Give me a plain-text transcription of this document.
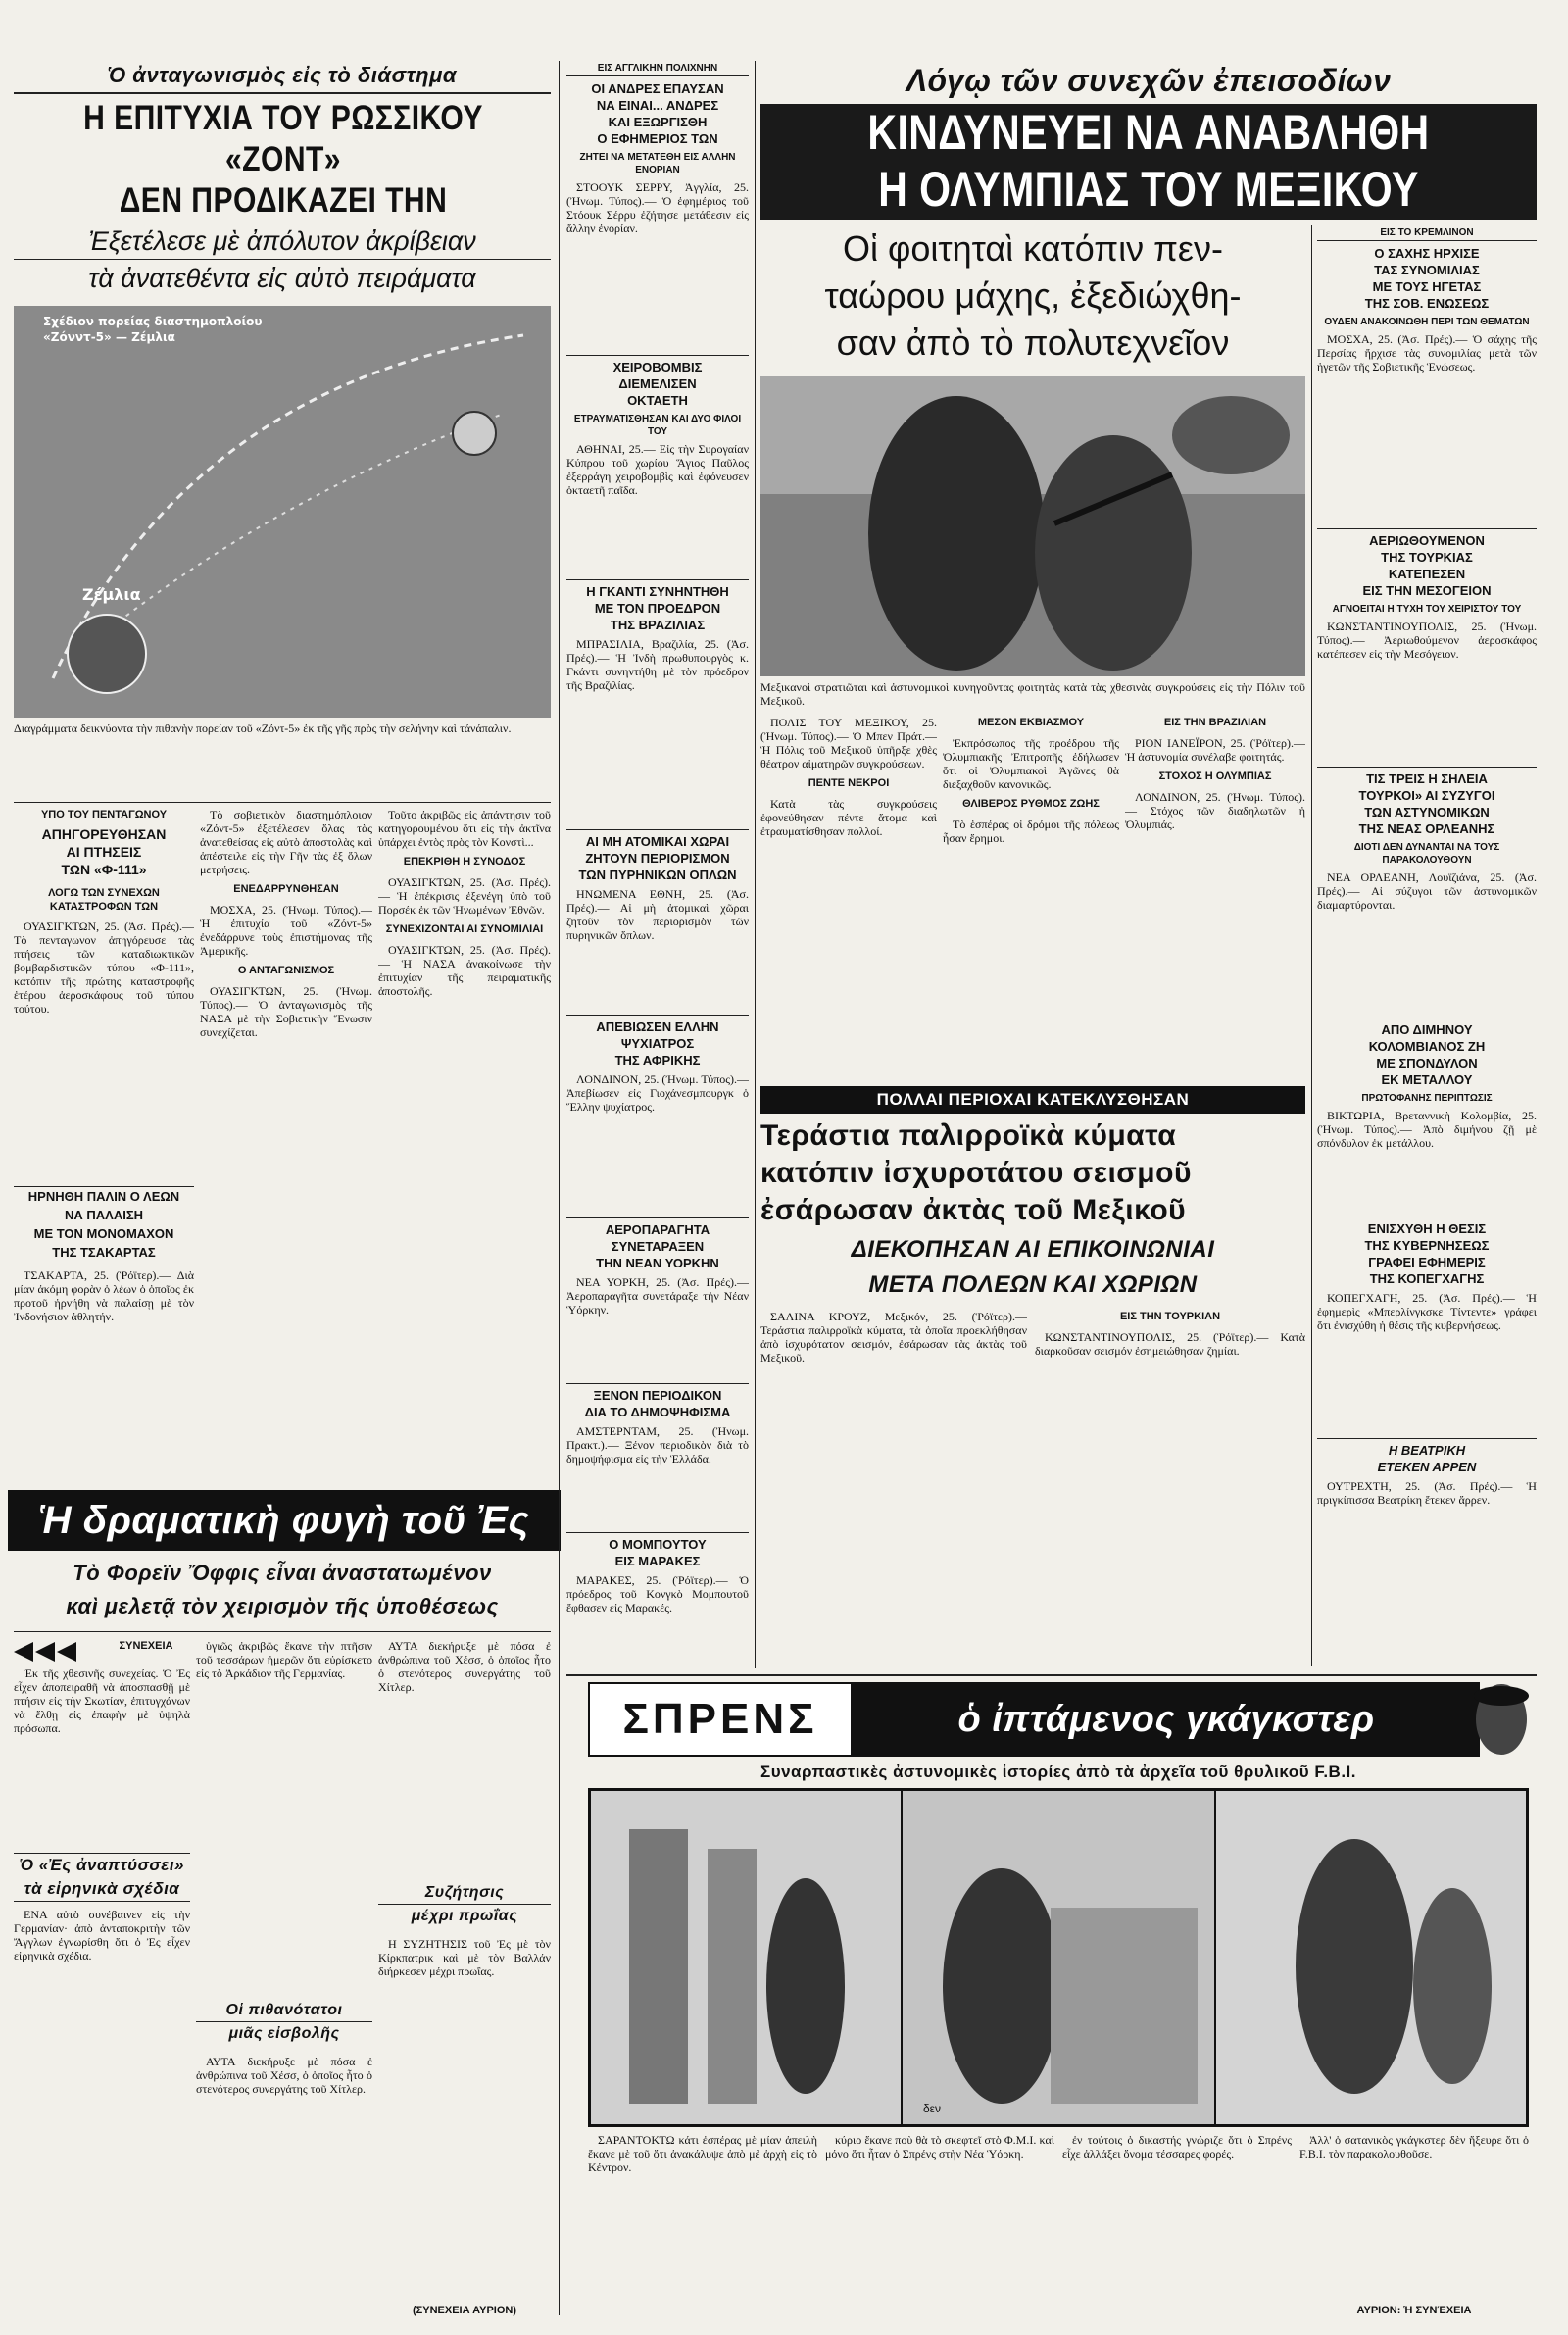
Ὁ ἀνταγωνισμὸς εἰς τὸ διάστημα
Η ΕΠΙΤΥΧΙΑ ΤΟΥ ΡΩΣΣΙΚΟΥ «ΖΟΝΤ»
ΔΕΝ ΠΡΟΔΙΚΑΖΕΙ ΤΗΝ
Ἐξετέλεσε μὲ ἀπόλυτον ἀκρίβειαν
τὰ ἀνατεθέντα εἰς αὐτὸ πειράματα
Σχέδιον πορείας διαστημοπλοίου «Ζόνντ-5» — Ζέμλια
Ζέμλια
Διαγράμματα δεικνύοντα τὴν πιθανὴν πορείαν τοῦ «Ζόντ-5» ἐκ τῆς γῆς πρὸς τὴν σελήνην καὶ τάνάπαλιν.
ΥΠΟ ΤΟΥ ΠΕΝΤΑΓΩΝΟΥ
ΑΠΗΓΟΡΕΥΘΗΣΑΝ
ΑΙ ΠΤΗΣΕΙΣ
ΤΩΝ «Φ-111»
ΛΟΓΩ ΤΩΝ ΣΥΝΕΧΩΝ ΚΑΤΑΣΤΡΟΦΩΝ ΤΩΝ

ΟΥΑΣΙΓΚΤΩΝ, 25. (Ἀσ. Πρές).— Τὸ πενταγωνον ἀπηγόρευσε τὰς πτήσεις τῶν καταδιωκτικῶν βομβαρδιστικῶν τύπου «Φ-111», κατόπιν τῆς πρώτης καταστροφῆς ἑτέρου ἀεροσκάφους τοῦ τύπου τούτου.

ΗΡΝΗΘΗ ΠΑΛΙΝ Ο ΛΕΩΝ
ΝΑ ΠΑΛΑΙΣΗ
ΜΕ ΤΟΝ ΜΟΝΟΜΑΧΟΝ
ΤΗΣ ΤΣΑΚΑΡΤΑΣ

ΤΣΑΚΑΡΤΑ, 25. (Ῥόϊτερ).— Διὰ μίαν ἀκόμη φορὰν ὁ λέων ὁ ὁποῖος ἐκ προτοῦ ἠρνήθη νὰ παλαίσῃ μὲ τὸν Ἰνδονήσιον ἀθλητήν.

Τὸ σοβιετικὸν διαστημόπλοιον «Ζόντ-5» ἐξετέλεσεν ὅλας τὰς ἀνατεθείσας εἰς αὐτὸ ἀποστολὰς καὶ ἀπέστειλε εἰς τὴν Γῆν τὰς ἐξ ὅλων μετρήσεις.

ΕΝΕΔΑΡΡΥΝΘΗΣΑΝ

ΜΟΣΧΑ, 25. (Ἠνωμ. Τύπος).— Ἡ ἐπιτυχία τοῦ «Ζόντ-5» ἐνεδάρρυνε τοὺς ἐπιστήμονας τῆς Ἀμερικῆς.

Ο ΑΝΤΑΓΩΝΙΣΜΟΣ

ΟΥΑΣΙΓΚΤΩΝ, 25. (Ἠνωμ. Τύπος).— Ὁ ἀνταγωνισμὸς τῆς ΝΑΣΑ μὲ τὴν Σοβιετικὴν Ἕνωσιν συνεχίζεται.

Τοῦτο ἀκριβῶς εἰς ἀπάντησιν τοῦ κατηγορουμένου ὅτι εἰς τὴν ἀκτῖνα ὑπάρχει ἐντὸς πρὸς τὸν Κονστὶ...

ΕΠΕΚΡΙΘΗ Η ΣΥΝΟΔΟΣ

ΟΥΑΣΙΓΚΤΩΝ, 25. (Ἀσ. Πρές).— Ἡ ἐπέκρισις ἐξενέγη ὑπὸ τοῦ Πορσέκ ἐκ τῶν Ἡνωμένων Ἐθνῶν.

ΣΥΝΕΧΙΖΟΝΤΑΙ ΑΙ ΣΥΝΟΜΙΛΙΑΙ

ΟΥΑΣΙΓΚΤΩΝ, 25. (Ἀσ. Πρές).— Ἡ ΝΑΣΑ ἀνακοίνωσε τὴν ἐπιτυχίαν τῆς πειραματικῆς ἀποστολῆς.

Ἡ δραματικὴ φυγὴ τοῦ Ἐς
Τὸ Φορεϊν Ὄφφις εἶναι ἀναστατωμένον
καὶ μελετᾷ τὸν χειρισμὸν τῆς ὑποθέσεως
ΣΥΝΕΧΕΙΑ

Ἐκ τῆς χθεσινῆς συνεχείας. Ὁ Ἐς εἶχεν ἀποπειραθῆ νὰ ἀποσπασθῇ μὲ πτήσιν εἰς τὴν Σκωτίαν, ἐπιτυγχάνων νὰ ἔλθῃ εἰς ἐπαφὴν μὲ ὑψηλὰ πρόσωπα.

Ὁ «Ἐς ἀναπτύσσει»
τὰ εἰρηνικὰ σχέδια

ΕΝΑ αὐτὸ συνέβαινεν εἰς τὴν Γερμανίαν· ἀπὸ ἀνταποκριτὴν τῶν Ἄγγλων ἐγνωρίσθη ὅτι ὁ Ἐς εἶχεν εἰρηνικὰ σχέδια.

ὑγιῶς ἀκριβῶς ἔκανε τὴν πτῆσιν τοῦ τεσσάρων ἡμερῶν ὅτι εὐρίσκετο εἰς τὸ Ἀρκάδιον τῆς Γερμανίας.

Οἱ πιθανότατοι
μιᾶς εἰσβολῆς

ΑΥΤΑ διεκήρυξε μὲ πόσα ἐ ἀνθρώπινα τοῦ Χέσσ, ὁ ὁποῖος ἦτο ὁ στενότερος συνεργάτης τοῦ Χίτλερ.

ΑΥΤΑ διεκήρυξε μὲ πόσα ἐ ἀνθρώπινα τοῦ Χέσσ, ὁ ὁποῖος ἦτο ὁ στενότερος συνεργάτης τοῦ Χίτλερ.

Συζήτησις
μέχρι πρωΐας

Η ΣΥΖΗΤΗΣΙΣ τοῦ Ἐς μὲ τὸν Κίρκπατρικ καὶ μὲ τὸν Βαλλάν διήρκεσεν μέχρι πρωΐας.

(ΣΥΝΕΧΕΙΑ ΑΥΡΙΟΝ)
ΕΙΣ ΑΓΓΛΙΚΗΝ ΠΟΛΙΧΝΗΝ
ΟΙ ΑΝΔΡΕΣ ΕΠΑΥΣΑΝ
ΝΑ ΕΙΝΑΙ... ΑΝΔΡΕΣ
ΚΑΙ ΕΞΩΡΓΙΣΘΗ
Ο ΕΦΗΜΕΡΙΟΣ ΤΩΝ
ΖΗΤΕΙ ΝΑ ΜΕΤΑΤΕΘΗ ΕΙΣ ΑΛΛΗΝ ΕΝΟΡΙΑΝ

ΣΤΟΟΥΚ ΣΕΡΡΥ, Ἀγγλία, 25. (Ἠνωμ. Τύπος).— Ὁ ἐφημέριος τοῦ Στόουκ Σέρρυ ἐζήτησε μετάθεσιν εἰς ἄλλην ἐνορίαν.

ΧΕΙΡΟΒΟΜΒΙΣ
ΔΙΕΜΕΛΙΣΕΝ
ΟΚΤΑΕΤΗ
ΕΤΡΑΥΜΑΤΙΣΘΗΣΑΝ ΚΑΙ ΔΥΟ ΦΙΛΟΙ ΤΟΥ

ΑΘΗΝΑΙ, 25.— Εἰς τὴν Συρογαίαν Κύπρου τοῦ χωρίου Ἅγιος Παῦλος ἐξερράγη χειροβομβὶς καὶ ἐφόνευσεν ὀκταετῆ παῖδα.

Η ΓΚΑΝΤΙ ΣΥΝΗΝΤΗΘΗ
ΜΕ ΤΟΝ ΠΡΟΕΔΡΟΝ
ΤΗΣ ΒΡΑΖΙΛΙΑΣ

ΜΠΡΑΣΙΛΙΑ, Βραζιλία, 25. (Ἀσ. Πρές).— Ἡ Ἰνδὴ πρωθυπουργὸς κ. Γκάντι συνηντήθη μὲ τὸν πρόεδρον τῆς Βραζιλίας.

ΑΙ ΜΗ ΑΤΟΜΙΚΑΙ ΧΩΡΑΙ
ΖΗΤΟΥΝ ΠΕΡΙΟΡΙΣΜΟΝ
ΤΩΝ ΠΥΡΗΝΙΚΩΝ ΟΠΛΩΝ

ΗΝΩΜΕΝΑ ΕΘΝΗ, 25. (Ἀσ. Πρές).— Αἱ μὴ ἀτομικαὶ χῶραι ζητοῦν τὸν περιορισμὸν τῶν πυρηνικῶν ὅπλων.

ΑΠΕΒΙΩΣΕΝ ΕΛΛΗΝ
ΨΥΧΙΑΤΡΟΣ
ΤΗΣ ΑΦΡΙΚΗΣ

ΛΟΝΔΙΝΟΝ, 25. (Ἠνωμ. Τύπος).— Ἀπεβίωσεν εἰς Γιοχάνεσμπουργκ ὁ Ἕλλην ψυχίατρος.

ΑΕΡΟΠΑΡΑΓΗΤΑ
ΣΥΝΕΤΑΡΑΞΕΝ
ΤΗΝ ΝΕΑΝ ΥΟΡΚΗΝ

ΝΕΑ ΥΟΡΚΗ, 25. (Ἀσ. Πρές).— Ἀεροπαραγῆτα συνετάραξε τὴν Νέαν Ὑόρκην.

ΞΕΝΟΝ ΠΕΡΙΟΔΙΚΟΝ
ΔΙΑ ΤΟ ΔΗΜΟΨΗΦΙΣΜΑ

ΑΜΣΤΕΡΝΤΑΜ, 25. (Ἠνωμ. Πρακτ.).— Ξένον περιοδικὸν διὰ τὸ δημοψήφισμα εἰς τὴν Ἑλλάδα.

Ο ΜΟΜΠΟΥΤΟΥ
ΕΙΣ ΜΑΡΑΚΕΣ

ΜΑΡΑΚΕΣ, 25. (Ῥόϊτερ).— Ὁ πρόεδρος τοῦ Κονγκὸ Μομπουτοῦ ἔφθασεν εἰς Μαρακές.

Λόγῳ τῶν συνεχῶν ἐπεισοδίων
ΚΙΝΔΥΝΕΥΕΙ ΝΑ ΑΝΑΒΛΗΘΗ
Η ΟΛΥΜΠΙΑΣ ΤΟΥ ΜΕΞΙΚΟΥ
Οἱ φοιτηταὶ κατόπιν πεν-
ταώρου μάχης, ἐξεδιώχθη-
σαν ἀπὸ τὸ πολυτεχνεῖον
Μεξικανοὶ στρατιῶται καὶ ἀστυνομικοὶ κυνηγοῦντας φοιτητὰς κατὰ τὰς χθεσινὰς συγκρούσεις εἰς τὴν Πόλιν τοῦ Μεξικοῦ.

ΠΟΛΙΣ ΤΟΥ ΜΕΞΙΚΟΥ, 25. (Ἠνωμ. Τύπος).— Ὁ Μπεν Πράτ.— Ἡ Πόλις τοῦ Μεξικοῦ ὑπῆρξε χθὲς θέατρον αἱματηρῶν συγκρούσεων.

ΠΕΝΤΕ ΝΕΚΡΟΙ

Κατὰ τὰς συγκρούσεις ἐφονεύθησαν πέντε ἄτομα καὶ ἐτραυματίσθησαν πολλοί.

ΜΕΣΟΝ ΕΚΒΙΑΣΜΟΥ

Ἐκπρόσωπος τῆς προέδρου τῆς Ὀλυμπιακῆς Ἐπιτροπῆς ἐδήλωσεν ὅτι οἱ Ὀλυμπιακοὶ Ἀγῶνες θὰ διεξαχθοῦν κανονικῶς.

ΘΛΙΒΕΡΟΣ ΡΥΘΜΟΣ ΖΩΗΣ

Τὸ ἑσπέρας οἱ δρόμοι τῆς πόλεως ἦσαν ἔρημοι.

ΕΙΣ ΤΗΝ ΒΡΑΖΙΛΙΑΝ

ΡΙΟΝ ΙΑΝΕΪΡΟΝ, 25. (Ῥόϊτερ).— Ἡ ἀστυνομία συνέλαβε φοιτητάς.

ΣΤΟΧΟΣ Η ΟΛΥΜΠΙΑΣ

ΛΟΝΔΙΝΟΝ, 25. (Ἠνωμ. Τύπος).— Στόχος τῶν διαδηλωτῶν ἡ Ὀλυμπιάς.

ΠΟΛΛΑΙ ΠΕΡΙΟΧΑΙ ΚΑΤΕΚΛΥΣΘΗΣΑΝ
Τεράστια παλιρροϊκὰ κύματα
κατόπιν ἰσχυροτάτου σεισμοῦ
ἐσάρωσαν ἀκτὰς τοῦ Μεξικοῦ
ΔΙΕΚΟΠΗΣΑΝ ΑΙ ΕΠΙΚΟΙΝΩΝΙΑΙ
ΜΕΤΑ ΠΟΛΕΩΝ ΚΑΙ ΧΩΡΙΩΝ

ΣΑΛΙΝΑ ΚΡΟΥΖ, Μεξικόν, 25. (Ῥόϊτερ).— Τεράστια παλιρροϊκὰ κύματα, τὰ ὁποῖα προεκλήθησαν ἀπὸ ἰσχυρότατον σεισμόν, ἐσάρωσαν τὰς ἀκτὰς τοῦ Μεξικοῦ.

ΕΙΣ ΤΗΝ ΤΟΥΡΚΙΑΝ

ΚΩΝΣΤΑΝΤΙΝΟΥΠΟΛΙΣ, 25. (Ῥόϊτερ).— Κατὰ διαρκοῦσαν σεισμόν ἐσημειώθησαν ζημίαι.

ΕΙΣ ΤΟ ΚΡΕΜΛΙΝΟΝ
Ο ΣΑΧΗΣ ΗΡΧΙΣΕ
ΤΑΣ ΣΥΝΟΜΙΛΙΑΣ
ΜΕ ΤΟΥΣ ΗΓΕΤΑΣ
ΤΗΣ ΣΟΒ. ΕΝΩΣΕΩΣ
ΟΥΔΕΝ ΑΝΑΚΟΙΝΩΘΗ ΠΕΡΙ ΤΩΝ ΘΕΜΑΤΩΝ

ΜΟΣΧΑ, 25. (Ἀσ. Πρές).— Ὁ σάχης τῆς Περσίας ἤρχισε τὰς συνομιλίας μετὰ τῶν ἡγετῶν τῆς Σοβιετικῆς Ἑνώσεως.

ΑΕΡΙΩΘΟΥΜΕΝΟΝ
ΤΗΣ ΤΟΥΡΚΙΑΣ
ΚΑΤΕΠΕΣΕΝ
ΕΙΣ ΤΗΝ ΜΕΣΟΓΕΙΟΝ
ΑΓΝΟΕΙΤΑΙ Η ΤΥΧΗ ΤΟΥ ΧΕΙΡΙΣΤΟΥ ΤΟΥ

ΚΩΝΣΤΑΝΤΙΝΟΥΠΟΛΙΣ, 25. (Ἠνωμ. Τύπος).— Ἀεριωθούμενον ἀεροσκάφος κατέπεσεν εἰς τὴν Μεσόγειον.

ΤΙΣ ΤΡΕΙΣ Η ΣΗΛΕΙΑ
ΤΟΥΡΚΟΙ» ΑΙ ΣΥΖΥΓΟΙ
ΤΩΝ ΑΣΤΥΝΟΜΙΚΩΝ
ΤΗΣ ΝΕΑΣ ΟΡΛΕΑΝΗΣ
ΔΙΟΤΙ ΔΕΝ ΔΥΝΑΝΤΑΙ ΝΑ ΤΟΥΣ ΠΑΡΑΚΟΛΟΥΘΟΥΝ

ΝΕΑ ΟΡΛΕΑΝΗ, Λουϊζιάνα, 25. (Ἀσ. Πρές).— Αἱ σύζυγοι τῶν ἀστυνομικῶν διαμαρτύρονται.

ΑΠΟ ΔΙΜΗΝΟΥ
ΚΟΛΟΜΒΙΑΝΟΣ ΖΗ
ΜΕ ΣΠΟΝΔΥΛΟΝ
ΕΚ ΜΕΤΑΛΛΟΥ
ΠΡΩΤΟΦΑΝΗΣ ΠΕΡΙΠΤΩΣΙΣ

ΒΙΚΤΩΡΙΑ, Βρεταννικὴ Κολομβία, 25. (Ἠνωμ. Τύπος).— Ἀπὸ διμήνου ζῇ μὲ σπόνδυλον ἐκ μετάλλου.

ΕΝΙΣΧΥΘΗ Η ΘΕΣΙΣ
ΤΗΣ ΚΥΒΕΡΝΗΣΕΩΣ
ΓΡΑΦΕΙ ΕΦΗΜΕΡΙΣ
ΤΗΣ ΚΟΠΕΓΧΑΓΗΣ

ΚΟΠΕΓΧΑΓΗ, 25. (Ἀσ. Πρές).— Ἡ ἐφημερὶς «Μπερλίνγκσκε Τίντεντε» γράφει ὅτι ἐνισχύθη ἡ θέσις τῆς κυβερνήσεως.

Η ΒΕΑΤΡΙΚΗ
ΕΤΕΚΕΝ ΑΡΡΕΝ

ΟΥΤΡΕΧΤΗ, 25. (Ἀσ. Πρές).— Ἡ πριγκίπισσα Βεατρίκη ἔτεκεν ἄρρεν.

ΣΠΡΕΝΣ	ὁ ἰπτάμενος γκάγκστερ
Συναρπαστικὲς ἀστυνομικὲς ἱστορίες ἀπὸ τὰ ἀρχεῖα τοῦ θρυλικοῦ F.B.I.
δεν

ΣΑΡΑΝΤΟΚΤΩ κάτι ἐσπέρας μὲ μίαν ἀπειλὴ ἔκανε μὲ τοῦ ὅτι ἀνακάλυψε ἀπὸ μὲ ἀρχὴ εἰς τὸ Κέντρον.

κύριο ἔκανε ποὺ θὰ τὸ σκεφτεῖ στὸ Φ.Μ.Ι. καὶ μόνο ὅτι ἦταν ὁ Σπρένς στὴν Νέα Ὑόρκη.

ἐν τούτοις ὁ δικαστής γνώριζε ὅτι ὁ Σπρένς εἶχε ἀλλάξει ὄνομα τέσσαρες φορές.

Ἀλλ' ὁ σατανικὸς γκάγκστερ δὲν ἤξευρε ὅτι ὁ F.B.I. τὸν παρακολουθοῦσε.

ΑΥΡΙΟΝ: Ἡ ΣΥΝΈΧΕΙΑ
